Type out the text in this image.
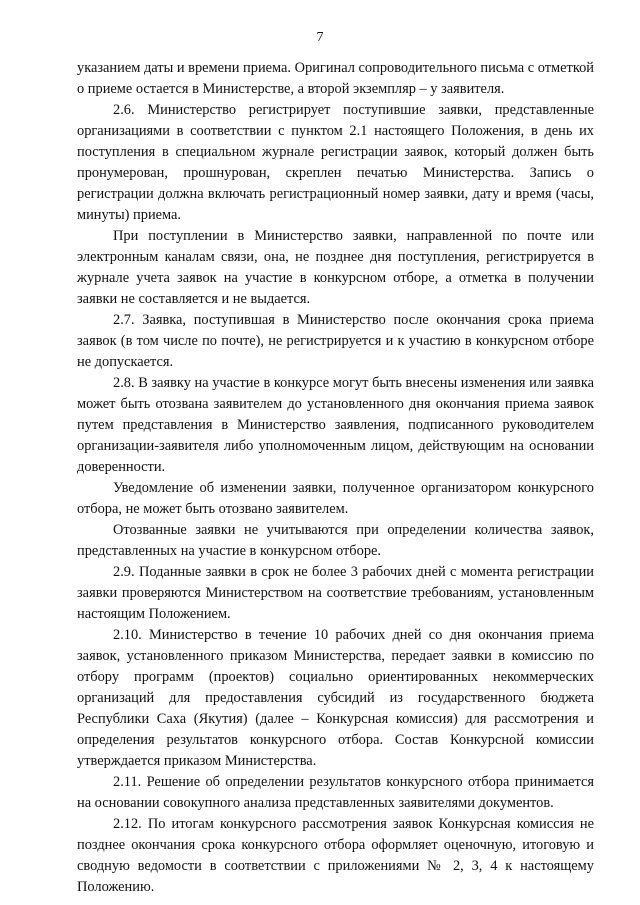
7

указанием даты и времени приема. Оригинал сопроводительного письма с отметкой о приеме остается в Министерстве, а второй экземпляр – у заявителя.

2.6. Министерство регистрирует поступившие заявки, представленные организациями в соответствии с пунктом 2.1 настоящего Положения, в день их поступления в специальном журнале регистрации заявок, который должен быть пронумерован, прошнурован, скреплен печатью Министерства. Запись о регистрации должна включать регистрационный номер заявки, дату и время (часы, минуты) приема.

При поступлении в Министерство заявки, направленной по почте или электронным каналам связи, она, не позднее дня поступления, регистрируется в журнале учета заявок на участие в конкурсном отборе, а отметка в получении заявки не составляется и не выдается.

2.7. Заявка, поступившая в Министерство после окончания срока приема заявок (в том числе по почте), не регистрируется и к участию в конкурсном отборе не допускается.

2.8. В заявку на участие в конкурсе могут быть внесены изменения или заявка может быть отозвана заявителем до установленного дня окончания приема заявок путем представления в Министерство заявления, подписанного руководителем организации-заявителя либо уполномоченным лицом, действующим на основании доверенности.

Уведомление об изменении заявки, полученное организатором конкурсного отбора, не может быть отозвано заявителем.

Отозванные заявки не учитываются при определении количества заявок, представленных на участие в конкурсном отборе.

2.9. Поданные заявки в срок не более 3 рабочих дней с момента регистрации заявки проверяются Министерством на соответствие требованиям, установленным настоящим Положением.

2.10. Министерство в течение 10 рабочих дней со дня окончания приема заявок, установленного приказом Министерства, передает заявки в комиссию по отбору программ (проектов) социально ориентированных некоммерческих организаций для предоставления субсидий из государственного бюджета Республики Саха (Якутия) (далее – Конкурсная комиссия) для рассмотрения и определения результатов конкурсного отбора. Состав Конкурсной комиссии утверждается приказом Министерства.

2.11. Решение об определении результатов конкурсного отбора принимается на основании совокупного анализа представленных заявителями документов.

2.12. По итогам конкурсного рассмотрения заявок Конкурсная комиссия не позднее окончания срока конкурсного отбора оформляет оценочную, итоговую и сводную ведомости в соответствии с приложениями № 2, 3, 4 к настоящему Положению.
